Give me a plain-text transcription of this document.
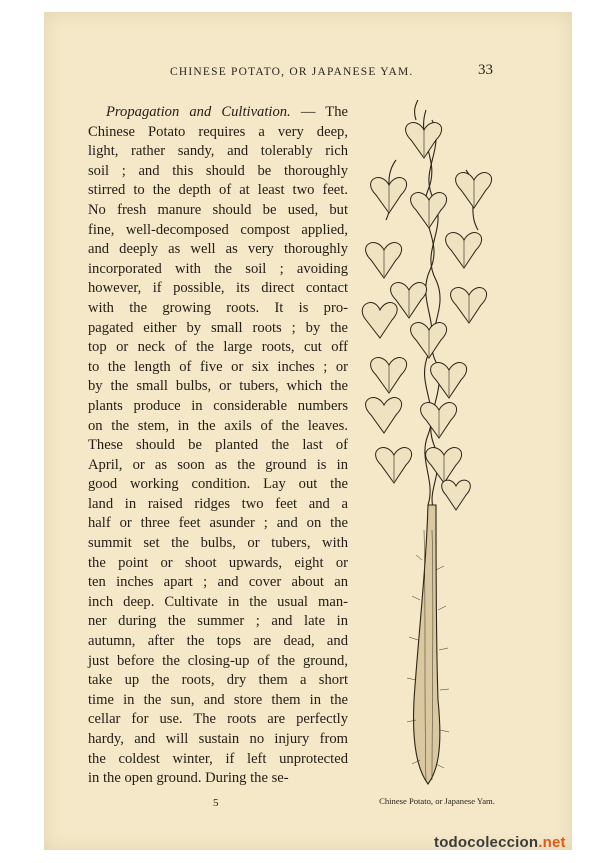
CHINESE POTATO, OR JAPANESE YAM.	33
Propagation and Cultivation. — The
Chinese Potato requires a very deep,
light, rather sandy, and tolerably rich
soil ; and this should be thoroughly
stirred to the depth of at least two feet.
No fresh manure should be used, but
fine, well-decomposed compost applied,
and deeply as well as very thoroughly
incorporated with the soil ; avoiding
however, if possible, its direct contact
with the growing roots. It is pro-
pagated either by small roots ; by the
top or neck of the large roots, cut off
to the length of five or six inches ; or
by the small bulbs, or tubers, which the
plants produce in considerable numbers
on the stem, in the axils of the leaves.
These should be planted the last of
April, or as soon as the ground is in
good working condition. Lay out the
land in raised ridges two feet and a
half or three feet asunder ; and on the
summit set the bulbs, or tubers, with
the point or shoot upwards, eight or
ten inches apart ; and cover about an
inch deep. Cultivate in the usual man-
ner during the summer ; and late in
autumn, after the tops are dead, and
just before the closing-up of the ground,
take up the roots, dry them a short
time in the sun, and store them in the
cellar for use. The roots are perfectly
hardy, and will sustain no injury from
the coldest winter, if left unprotected
in the open ground. During the se-
5	Chinese Potato, or Japanese Yam.
todocoleccion.net
